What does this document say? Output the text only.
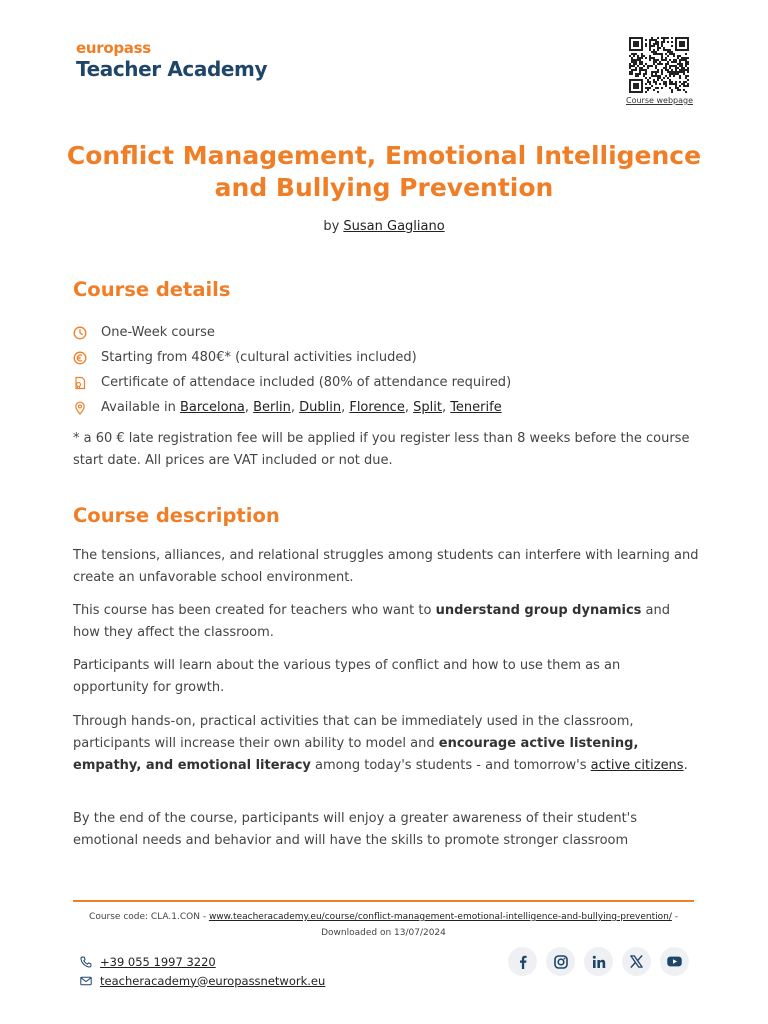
europass
Teacher Academy
Course webpage
Conflict Management, Emotional Intelligence and Bullying Prevention
by Susan Gagliano
Course details
One-Week course
Starting from 480€* (cultural activities included)
Certificate of attendace included (80% of attendance required)
Available in Barcelona, Berlin, Dublin, Florence, Split, Tenerife

* a 60 € late registration fee will be applied if you register less than 8 weeks before the course start date. All prices are VAT included or not due.

Course description

The tensions, alliances, and relational struggles among students can interfere with learning and create an unfavorable school environment.

This course has been created for teachers who want to understand group dynamics and how they affect the classroom.

Participants will learn about the various types of conflict and how to use them as an opportunity for growth.

Through hands-on, practical activities that can be immediately used in the classroom, participants will increase their own ability to model and encourage active listening, empathy, and emotional literacy among today's students - and tomorrow's active citizens.

By the end of the course, participants will enjoy a greater awareness of their student's emotional needs and behavior and will have the skills to promote stronger classroom

Course code: CLA.1.CON - www.teacheracademy.eu/course/conflict-management-emotional-intelligence-and-bullying-prevention/ - Downloaded on 13/07/2024
+39 055 1997 3220
teacheracademy@europassnetwork.eu
